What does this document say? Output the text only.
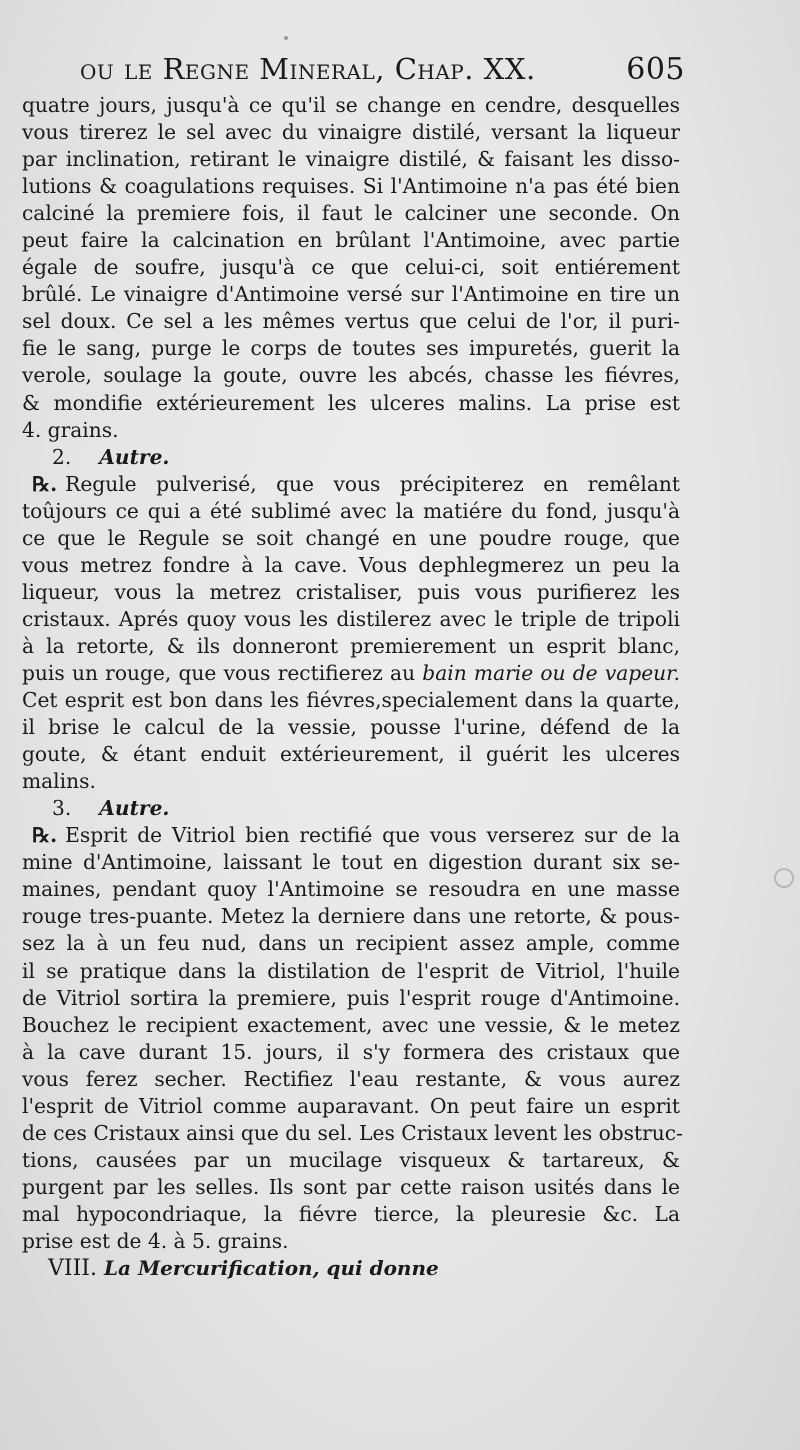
ou le Regne Mineral, Chap. XX.	605
quatre jours, jusqu'à ce qu'il se change en cendre, desquelles
vous tirerez le sel avec du vinaigre distilé, versant la liqueur
par inclination, retirant le vinaigre distilé, & faisant les disso-
lutions & coagulations requises. Si l'Antimoine n'a pas été bien
calciné la premiere fois, il faut le calciner une seconde. On
peut faire la calcination en brûlant l'Antimoine, avec partie
égale de soufre, jusqu'à ce que celui-ci, soit entiérement
brûlé. Le vinaigre d'Antimoine versé sur l'Antimoine en tire un
sel doux. Ce sel a les mêmes vertus que celui de l'or, il puri-
fie le sang, purge le corps de toutes ses impuretés, guerit la
verole, soulage la goute, ouvre les abcés, chasse les fiévres,
& mondifie extérieurement les ulceres malins. La prise est
4. grains.
2. Autre.
℞. Regule pulverisé, que vous précipiterez en remêlant
toûjours ce qui a été sublimé avec la matiére du fond, jusqu'à
ce que le Regule se soit changé en une poudre rouge, que
vous metrez fondre à la cave. Vous dephlegmerez un peu la
liqueur, vous la metrez cristaliser, puis vous purifierez les
cristaux. Aprés quoy vous les distilerez avec le triple de tripoli
à la retorte, & ils donneront premierement un esprit blanc,
puis un rouge, que vous rectifierez au bain marie ou de vapeur.
Cet esprit est bon dans les fiévres,specialement dans la quarte,
il brise le calcul de la vessie, pousse l'urine, défend de la
goute, & étant enduit extérieurement, il guérit les ulceres
malins.
3. Autre.
℞. Esprit de Vitriol bien rectifié que vous verserez sur de la
mine d'Antimoine, laissant le tout en digestion durant six se-
maines, pendant quoy l'Antimoine se resoudra en une masse
rouge tres-puante. Metez la derniere dans une retorte, & pous-
sez la à un feu nud, dans un recipient assez ample, comme
il se pratique dans la distilation de l'esprit de Vitriol, l'huile
de Vitriol sortira la premiere, puis l'esprit rouge d'Antimoine.
Bouchez le recipient exactement, avec une vessie, & le metez
à la cave durant 15. jours, il s'y formera des cristaux que
vous ferez secher. Rectifiez l'eau restante, & vous aurez
l'esprit de Vitriol comme auparavant. On peut faire un esprit
de ces Cristaux ainsi que du sel. Les Cristaux levent les obstruc-
tions, causées par un mucilage visqueux & tartareux, &
purgent par les selles. Ils sont par cette raison usités dans le
mal hypocondriaque, la fiévre tierce, la pleuresie &c. La
prise est de 4. à 5. grains.
VIII. La Mercurification, qui donne
